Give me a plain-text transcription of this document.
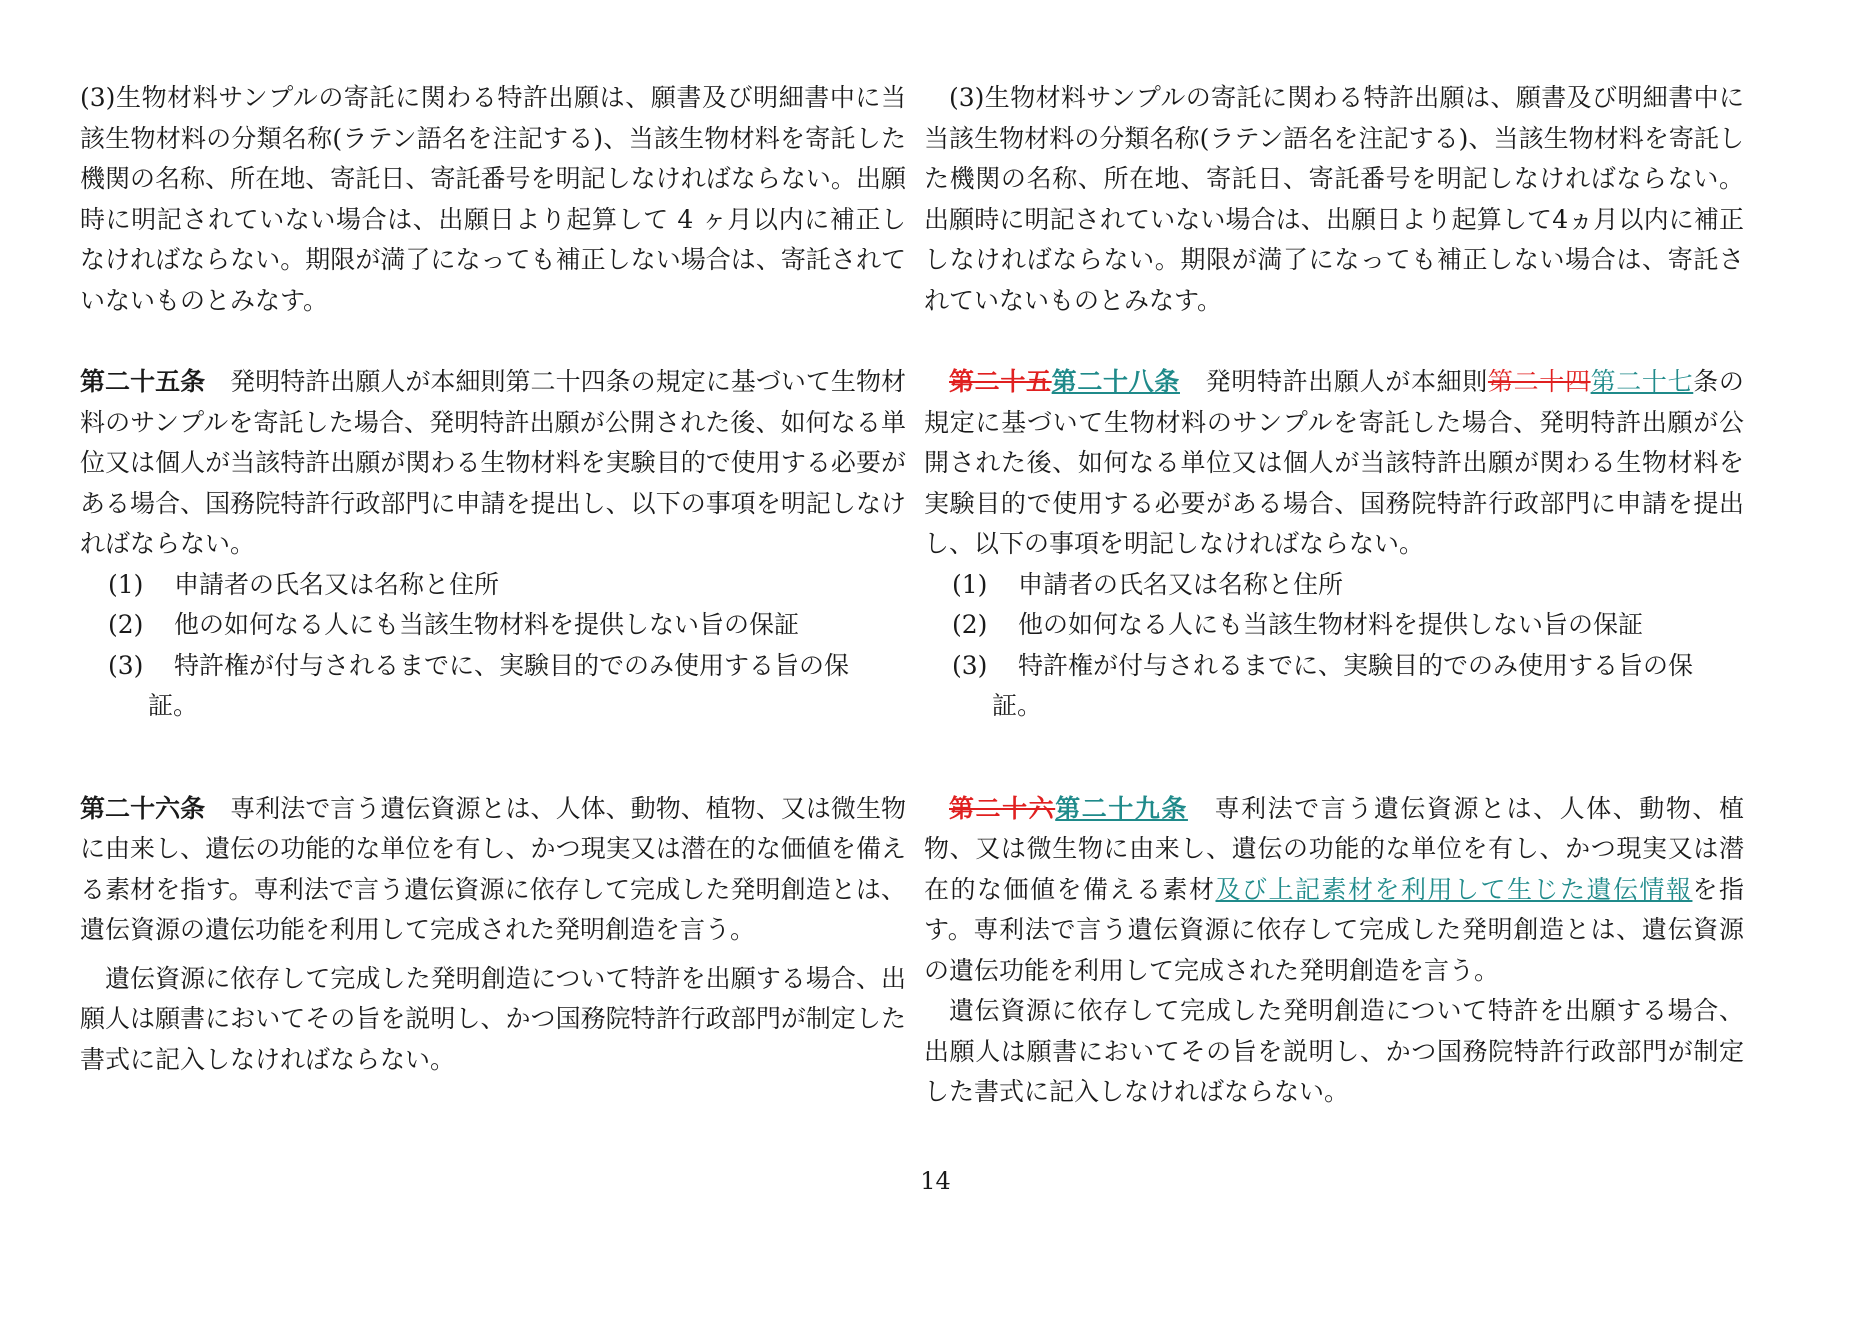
(3)生物材料サンプルの寄託に関わる特許出願は、願書及び明細書中に当該生物材料の分類名称(ラテン語名を注記する)、当該生物材料を寄託した機関の名称、所在地、寄託日、寄託番号を明記しなければならない。出願時に明記されていない場合は、出願日より起算して 4 ヶ月以内に補正しなければならない。期限が満了になっても補正しない場合は、寄託されていないものとみなす。

第二十五条 発明特許出願人が本細則第二十四条の規定に基づいて生物材料のサンプルを寄託した場合、発明特許出願が公開された後、如何なる単位又は個人が当該特許出願が関わる生物材料を実験目的で使用する必要がある場合、国務院特許行政部門に申請を提出し、以下の事項を明記しなければならない。

(1)	申請者の氏名又は名称と住所
(2)	他の如何なる人にも当該生物材料を提供しない旨の保証
(3)	特許権が付与されるまでに、実験目的でのみ使用する旨の保

証。

第二十六条 専利法で言う遺伝資源とは、人体、動物、植物、又は微生物に由来し、遺伝の功能的な単位を有し、かつ現実又は潜在的な価値を備える素材を指す。専利法で言う遺伝資源に依存して完成した発明創造とは、遺伝資源の遺伝功能を利用して完成された発明創造を言う。

遺伝資源に依存して完成した発明創造について特許を出願する場合、出願人は願書においてその旨を説明し、かつ国務院特許行政部門が制定した書式に記入しなければならない。

(3)生物材料サンプルの寄託に関わる特許出願は、願書及び明細書中に当該生物材料の分類名称(ラテン語名を注記する)、当該生物材料を寄託した機関の名称、所在地、寄託日、寄託番号を明記しなければならない。出願時に明記されていない場合は、出願日より起算して4ヵ月以内に補正しなければならない。期限が満了になっても補正しない場合は、寄託されていないものとみなす。

第二十五第二十八条　 発明特許出願人が本細則第二十四第二十七条の規定に基づいて生物材料のサンプルを寄託した場合、発明特許出願が公開された後、如何なる単位又は個人が当該特許出願が関わる生物材料を実験目的で使用する必要がある場合、国務院特許行政部門に申請を提出し、以下の事項を明記しなければならない。

(1)	申請者の氏名又は名称と住所
(2)	他の如何なる人にも当該生物材料を提供しない旨の保証
(3)	特許権が付与されるまでに、実験目的でのみ使用する旨の保

証。

第二十六第二十九条　 専利法で言う遺伝資源とは、人体、動物、植物、又は微生物に由来し、遺伝の功能的な単位を有し、かつ現実又は潜在的な価値を備える素材及び上記素材を利用して生じた遺伝情報を指す。専利法で言う遺伝資源に依存して完成した発明創造とは、遺伝資源の遺伝功能を利用して完成された発明創造を言う。

遺伝資源に依存して完成した発明創造について特許を出願する場合、出願人は願書においてその旨を説明し、かつ国務院特許行政部門が制定した書式に記入しなければならない。

14
